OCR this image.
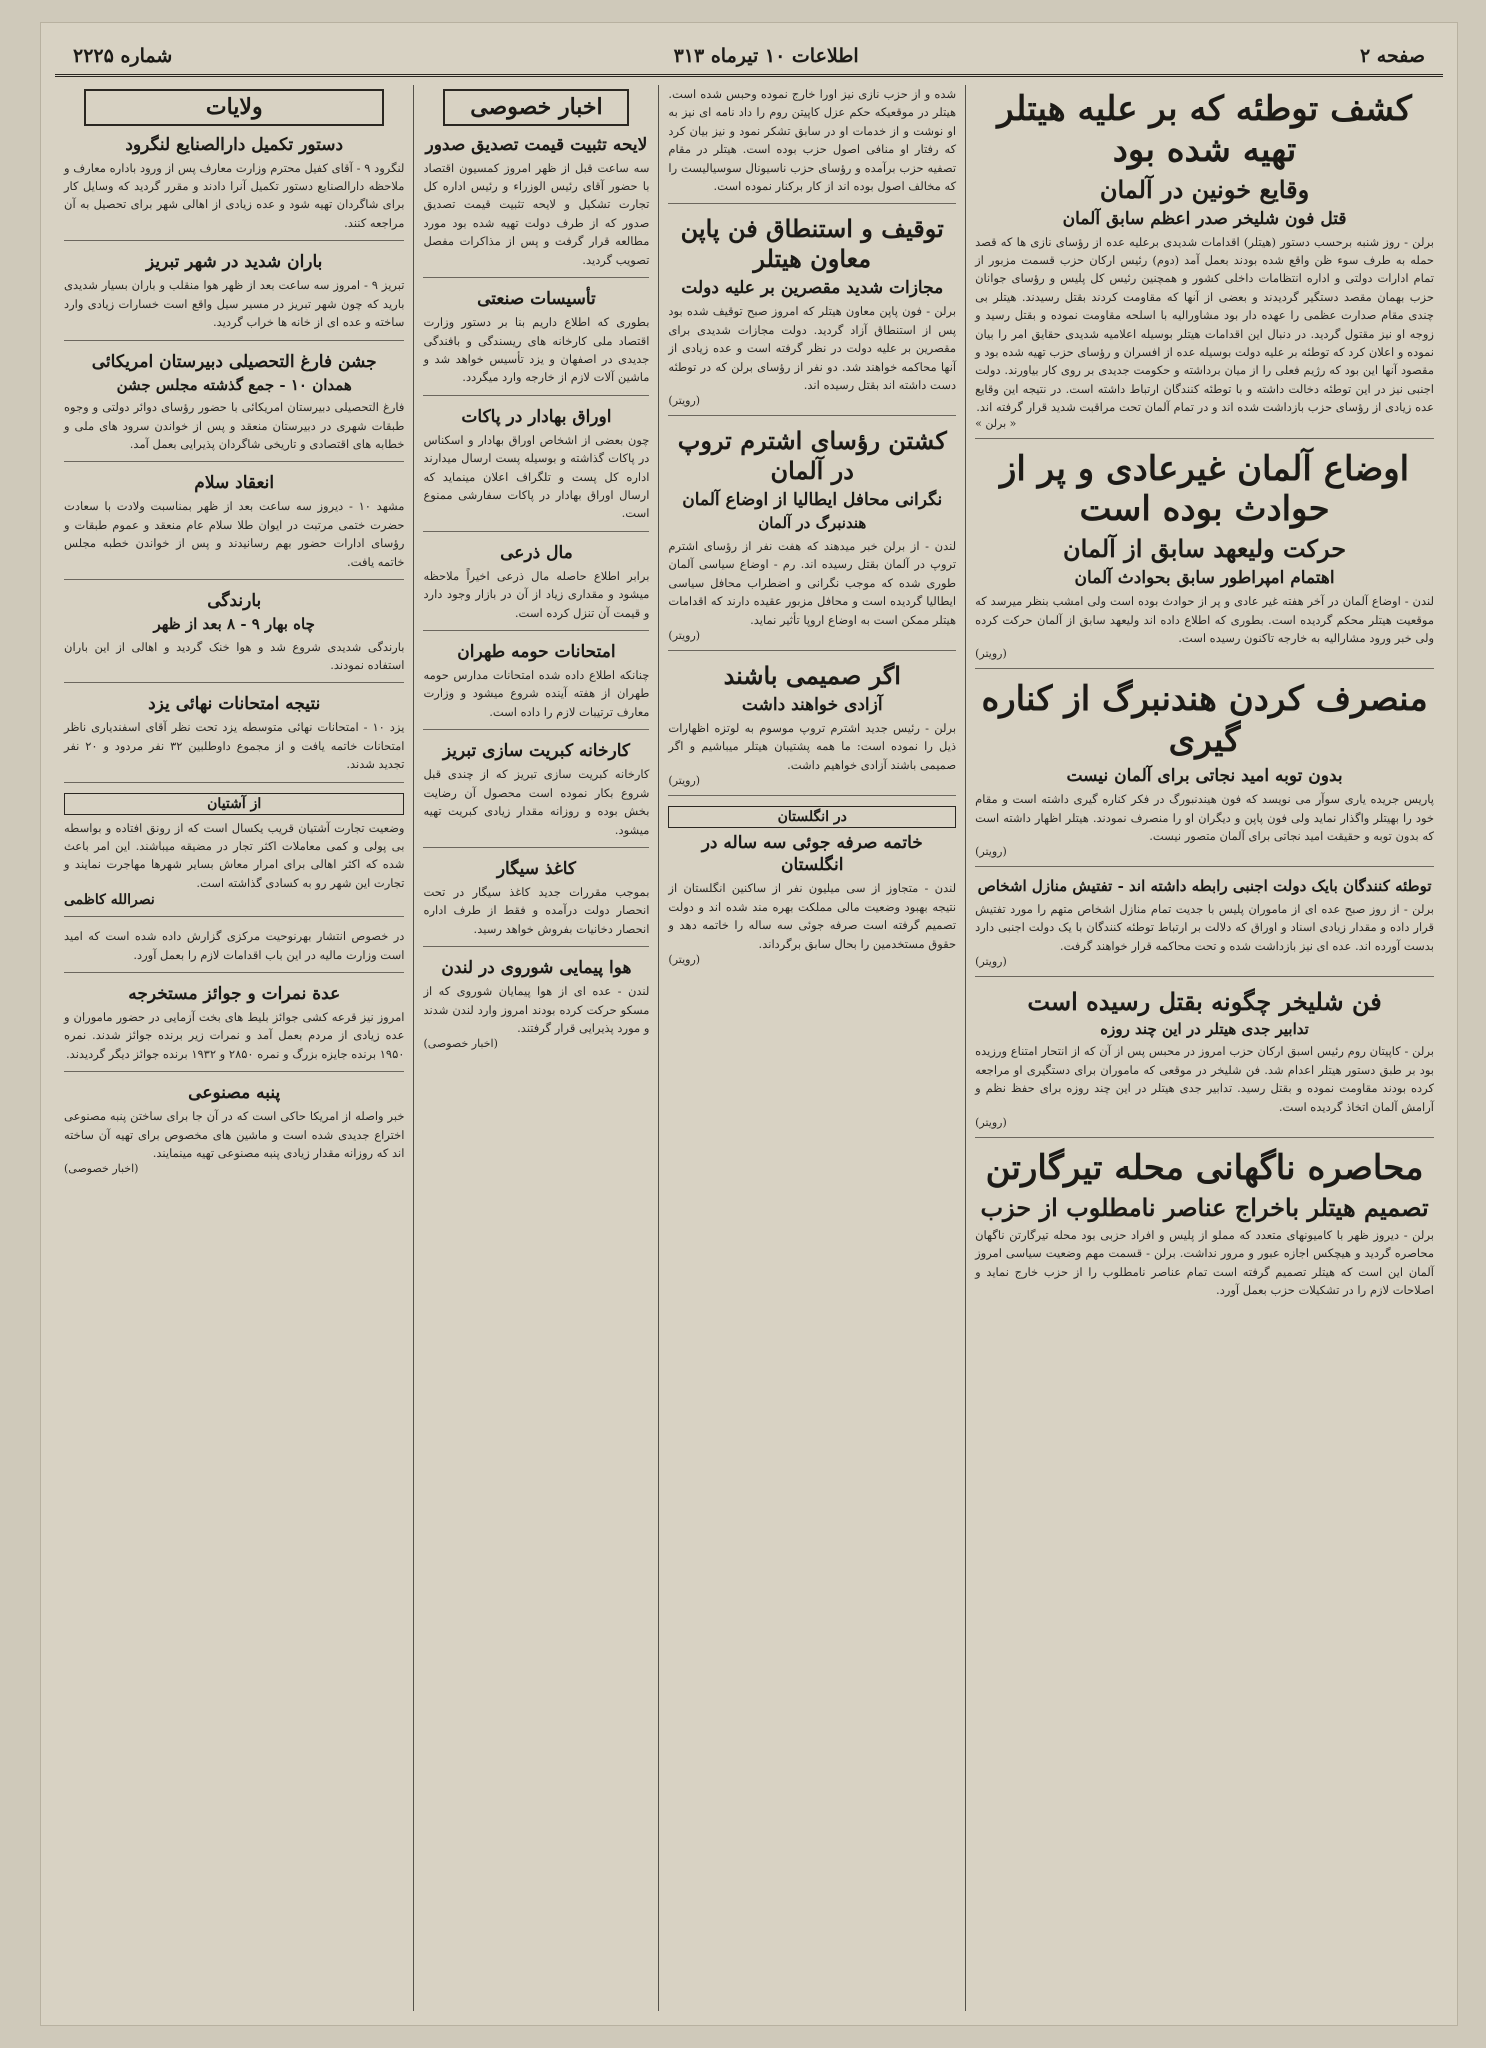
صفحه ۲
اطلاعات ۱۰ تیرماه ۳۱۳
شماره ۲۲۲۵
کشف توطئه که بر علیه هیتلر تهیه شده بود
وقایع خونین در آلمان
قتل فون شلیخر صدر اعظم سابق آلمان
برلن - روز شنبه برحسب دستور (هیتلر) اقدامات شدیدی برعلیه عده از رؤسای نازی ها که قصد حمله به طرف سوء ظن واقع شده بودند بعمل آمد (دوم) رئیس ارکان حزب قسمت مزبور از تمام ادارات دولتی و اداره انتظامات داخلی کشور و همچنین رئیس کل پلیس و رؤسای جوانان حزب بهمان مقصد دستگیر گردیدند و بعضی از آنها که مقاومت کردند بقتل رسیدند. هیتلر بی چندی مقام صدارت عظمی را عهده دار بود مشاورالیه با اسلحه مقاومت نموده و بقتل رسید و زوجه او نیز مقتول گردید. در دنبال این اقدامات هیتلر بوسیله اعلامیه شدیدی حقایق امر را بیان نموده و اعلان کرد که توطئه بر علیه دولت بوسیله عده از افسران و رؤسای حزب تهیه شده بود و مقصود آنها این بود که رژیم فعلی را از میان برداشته و حکومت جدیدی بر روی کار بیاورند. دولت اجنبی نیز در این توطئه دخالت داشته و با توطئه کنندگان ارتباط داشته است. در نتیجه این وقایع عده زیادی از رؤسای حزب بازداشت شده اند و در تمام آلمان تحت مراقبت شدید قرار گرفته اند.
« برلن »
اوضاع آلمان غیرعادی و پر از حوادث بوده است
حرکت ولیعهد سابق از آلمان
اهتمام امپراطور سابق بحوادث آلمان
لندن - اوضاع آلمان در آخر هفته غیر عادی و پر از حوادث بوده است ولی امشب بنظر میرسد که موقعیت هیتلر محکم گردیده است. بطوری که اطلاع داده اند ولیعهد سابق از آلمان حرکت کرده ولی خبر ورود مشارالیه به خارجه تاکنون رسیده است.
(رویتر)
منصرف کردن هندنبرگ از کناره گیری
بدون توبه امید نجاتی برای آلمان نیست
پاریس جریده یاری سوآر می نویسد که فون هیندنبورگ در فکر کناره گیری داشته است و مقام خود را بهیتلر واگذار نماید ولی فون پاپن و دیگران او را منصرف نمودند. هیتلر اظهار داشته است که بدون توبه و حقیقت امید نجاتی برای آلمان متصور نیست.
(رویتر)
توطئه کنندگان بایک دولت اجنبی رابطه داشته اند - تفتیش منازل اشخاص
برلن - از روز صبح عده ای از ماموران پلیس با جدیت تمام منازل اشخاص متهم را مورد تفتیش قرار داده و مقدار زیادی اسناد و اوراق که دلالت بر ارتباط توطئه کنندگان با یک دولت اجنبی دارد بدست آورده اند. عده ای نیز بازداشت شده و تحت محاکمه قرار خواهند گرفت.
(رویتر)
فن شلیخر چگونه بقتل رسیده است
تدابیر جدی هیتلر در این چند روزه
برلن - کاپیتان روم رئیس اسبق ارکان حزب امروز در محبس پس از آن که از انتحار امتناع ورزیده بود بر طبق دستور هیتلر اعدام شد. فن شلیخر در موقعی که ماموران برای دستگیری او مراجعه کرده بودند مقاومت نموده و بقتل رسید. تدابیر جدی هیتلر در این چند روزه برای حفظ نظم و آرامش آلمان اتخاذ گردیده است.
(رویتر)
محاصره ناگهانی محله تیرگارتن
تصمیم هیتلر باخراج عناصر نامطلوب از حزب
برلن - دیروز ظهر با کامیونهای متعدد که مملو از پلیس و افراد حزبی بود محله تیرگارتن ناگهان محاصره گردید و هیچکس اجازه عبور و مرور نداشت. برلن - قسمت مهم وضعیت سیاسی امروز آلمان این است که هیتلر تصمیم گرفته است تمام عناصر نامطلوب را از حزب خارج نماید و اصلاحات لازم را در تشکیلات حزب بعمل آورد.
شده و از حزب نازی نیز اورا خارج نموده وحبس شده است. هیتلر در موقعیکه حکم عزل کاپیتن روم را داد نامه ای نیز به او نوشت و از خدمات او در سابق تشکر نمود و نیز بیان کرد که رفتار او منافی اصول حزب بوده است. هیتلر در مقام تصفیه حزب برآمده و رؤسای حزب ناسیونال سوسیالیست را که مخالف اصول بوده اند از کار برکنار نموده است.
توقیف و استنطاق فن پاپن معاون هیتلر
مجازات شدید مقصرین بر علیه دولت
برلن - فون پاپن معاون هیتلر که امروز صبح توقیف شده بود پس از استنطاق آزاد گردید. دولت مجازات شدیدی برای مقصرین بر علیه دولت در نظر گرفته است و عده زیادی از آنها محاکمه خواهند شد. دو نفر از رؤسای برلن که در توطئه دست داشته اند بقتل رسیده اند.
(رویتر)
کشتن رؤسای اشترم تروپ در آلمان
نگرانی محافل ایطالیا از اوضاع آلمان
هندنبرگ در آلمان
لندن - از برلن خبر میدهند که هفت نفر از رؤسای اشترم تروپ در آلمان بقتل رسیده اند. رم - اوضاع سیاسی آلمان طوری شده که موجب نگرانی و اضطراب محافل سیاسی ایطالیا گردیده است و محافل مزبور عقیده دارند که اقدامات هیتلر ممکن است به اوضاع اروپا تأثیر نماید.
(رویتر)
اگر صمیمی باشند
آزادی خواهند داشت
برلن - رئیس جدید اشترم تروپ موسوم به لوتزه اظهارات ذیل را نموده است: ما همه پشتیبان هیتلر میباشیم و اگر صمیمی باشند آزادی خواهیم داشت.
(رویتر)
در انگلستان
خاتمه صرفه جوئی سه ساله در انگلستان
لندن - متجاوز از سی میلیون نفر از ساکنین انگلستان از نتیجه بهبود وضعیت مالی مملکت بهره مند شده اند و دولت تصمیم گرفته است صرفه جوئی سه ساله را خاتمه دهد و حقوق مستخدمین را بحال سابق برگرداند.
(رویتر)
اخبار خصوصی
لایحه تثبیت قیمت تصدیق صدور
سه ساعت قبل از ظهر امروز کمسیون اقتصاد با حضور آقای رئیس الوزراء و رئیس اداره کل تجارت تشکیل و لایحه تثبیت قیمت تصدیق صدور که از طرف دولت تهیه شده بود مورد مطالعه قرار گرفت و پس از مذاکرات مفصل تصویب گردید.
تأسیسات صنعتی
بطوری که اطلاع داریم بنا بر دستور وزارت اقتصاد ملی کارخانه های ریسندگی و بافندگی جدیدی در اصفهان و یزد تأسیس خواهد شد و ماشین آلات لازم از خارجه وارد میگردد.
اوراق بهادار در پاکات
چون بعضی از اشخاص اوراق بهادار و اسکناس در پاکات گذاشته و بوسیله پست ارسال میدارند اداره کل پست و تلگراف اعلان مینماید که ارسال اوراق بهادار در پاکات سفارشی ممنوع است.
مال ذرعی
برابر اطلاع حاصله مال ذرعی اخیراً ملاحظه میشود و مقداری زیاد از آن در بازار وجود دارد و قیمت آن تنزل کرده است.
امتحانات حومه طهران
چنانکه اطلاع داده شده امتحانات مدارس حومه طهران از هفته آینده شروع میشود و وزارت معارف ترتیبات لازم را داده است.
کارخانه کبریت سازی تبریز
کارخانه کبریت سازی تبریز که از چندی قبل شروع بکار نموده است محصول آن رضایت بخش بوده و روزانه مقدار زیادی کبریت تهیه میشود.
کاغذ سیگار
بموجب مقررات جدید کاغذ سیگار در تحت انحصار دولت درآمده و فقط از طرف اداره انحصار دخانیات بفروش خواهد رسید.
هوا پیمایی شوروی در لندن
لندن - عده ای از هوا پیمایان شوروی که از مسکو حرکت کرده بودند امروز وارد لندن شدند و مورد پذیرایی قرار گرفتند.
(اخبار خصوصی)
ولایات
دستور تکمیل دارالصنایع لنگرود
لنگرود ۹ - آقای کفیل محترم وزارت معارف پس از ورود باداره معارف و ملاحظه دارالصنایع دستور تکمیل آنرا دادند و مقرر گردید که وسایل کار برای شاگردان تهیه شود و عده زیادی از اهالی شهر برای تحصیل به آن مراجعه کنند.
باران شدید در شهر تبریز
تبریز ۹ - امروز سه ساعت بعد از ظهر هوا منقلب و باران بسیار شدیدی بارید که چون شهر تبریز در مسیر سیل واقع است خسارات زیادی وارد ساخته و عده ای از خانه ها خراب گردید.
جشن فارغ التحصیلی دبیرستان امریکائی
همدان ۱۰ - جمع گذشته مجلس جشن
فارغ التحصیلی دبیرستان امریکائی با حضور رؤسای دوائر دولتی و وجوه طبقات شهری در دبیرستان منعقد و پس از خواندن سرود های ملی و خطابه های اقتصادی و تاریخی شاگردان پذیرایی بعمل آمد.
انعقاد سلام
مشهد ۱۰ - دیروز سه ساعت بعد از ظهر بمناسبت ولادت با سعادت حضرت ختمی مرتبت در ایوان طلا سلام عام منعقد و عموم طبقات و رؤسای ادارات حضور بهم رسانیدند و پس از خواندن خطبه مجلس خاتمه یافت.
بارندگی
چاه بهار ۹ - ۸ بعد از ظهر
بارندگی شدیدی شروع شد و هوا خنک گردید و اهالی از این باران استفاده نمودند.
نتیجه امتحانات نهائی یزد
یزد ۱۰ - امتحانات نهائی متوسطه یزد تحت نظر آقای اسفندیاری ناظر امتحانات خاتمه یافت و از مجموع داوطلبین ۳۲ نفر مردود و ۲۰ نفر تجدید شدند.
از آشتیان
وضعیت تجارت آشتیان قریب یکسال است که از رونق افتاده و بواسطه بی پولی و کمی معاملات اکثر تجار در مضیقه میباشند. این امر باعث شده که اکثر اهالی برای امرار معاش بسایر شهرها مهاجرت نمایند و تجارت این شهر رو به کسادی گذاشته است.
نصرالله کاظمی
در خصوص انتشار بهرنوحیت مرکزی گزارش داده شده است که امید است وزارت مالیه در این باب اقدامات لازم را بعمل آورد.
عدة نمرات و جوائز مستخرجه
امروز نیز قرعه کشی جوائز بلیط های بخت آزمایی در حضور ماموران و عده زیادی از مردم بعمل آمد و نمرات زیر برنده جوائز شدند. نمره ۱۹۵۰ برنده جایزه بزرگ و نمره ۲۸۵۰ و ۱۹۳۲ برنده جوائز دیگر گردیدند.
پنبه مصنوعی
خبر واصله از امریکا حاکی است که در آن جا برای ساختن پنبه مصنوعی اختراع جدیدی شده است و ماشین های مخصوص برای تهیه آن ساخته اند که روزانه مقدار زیادی پنبه مصنوعی تهیه مینمایند.
(اخبار خصوصی)
